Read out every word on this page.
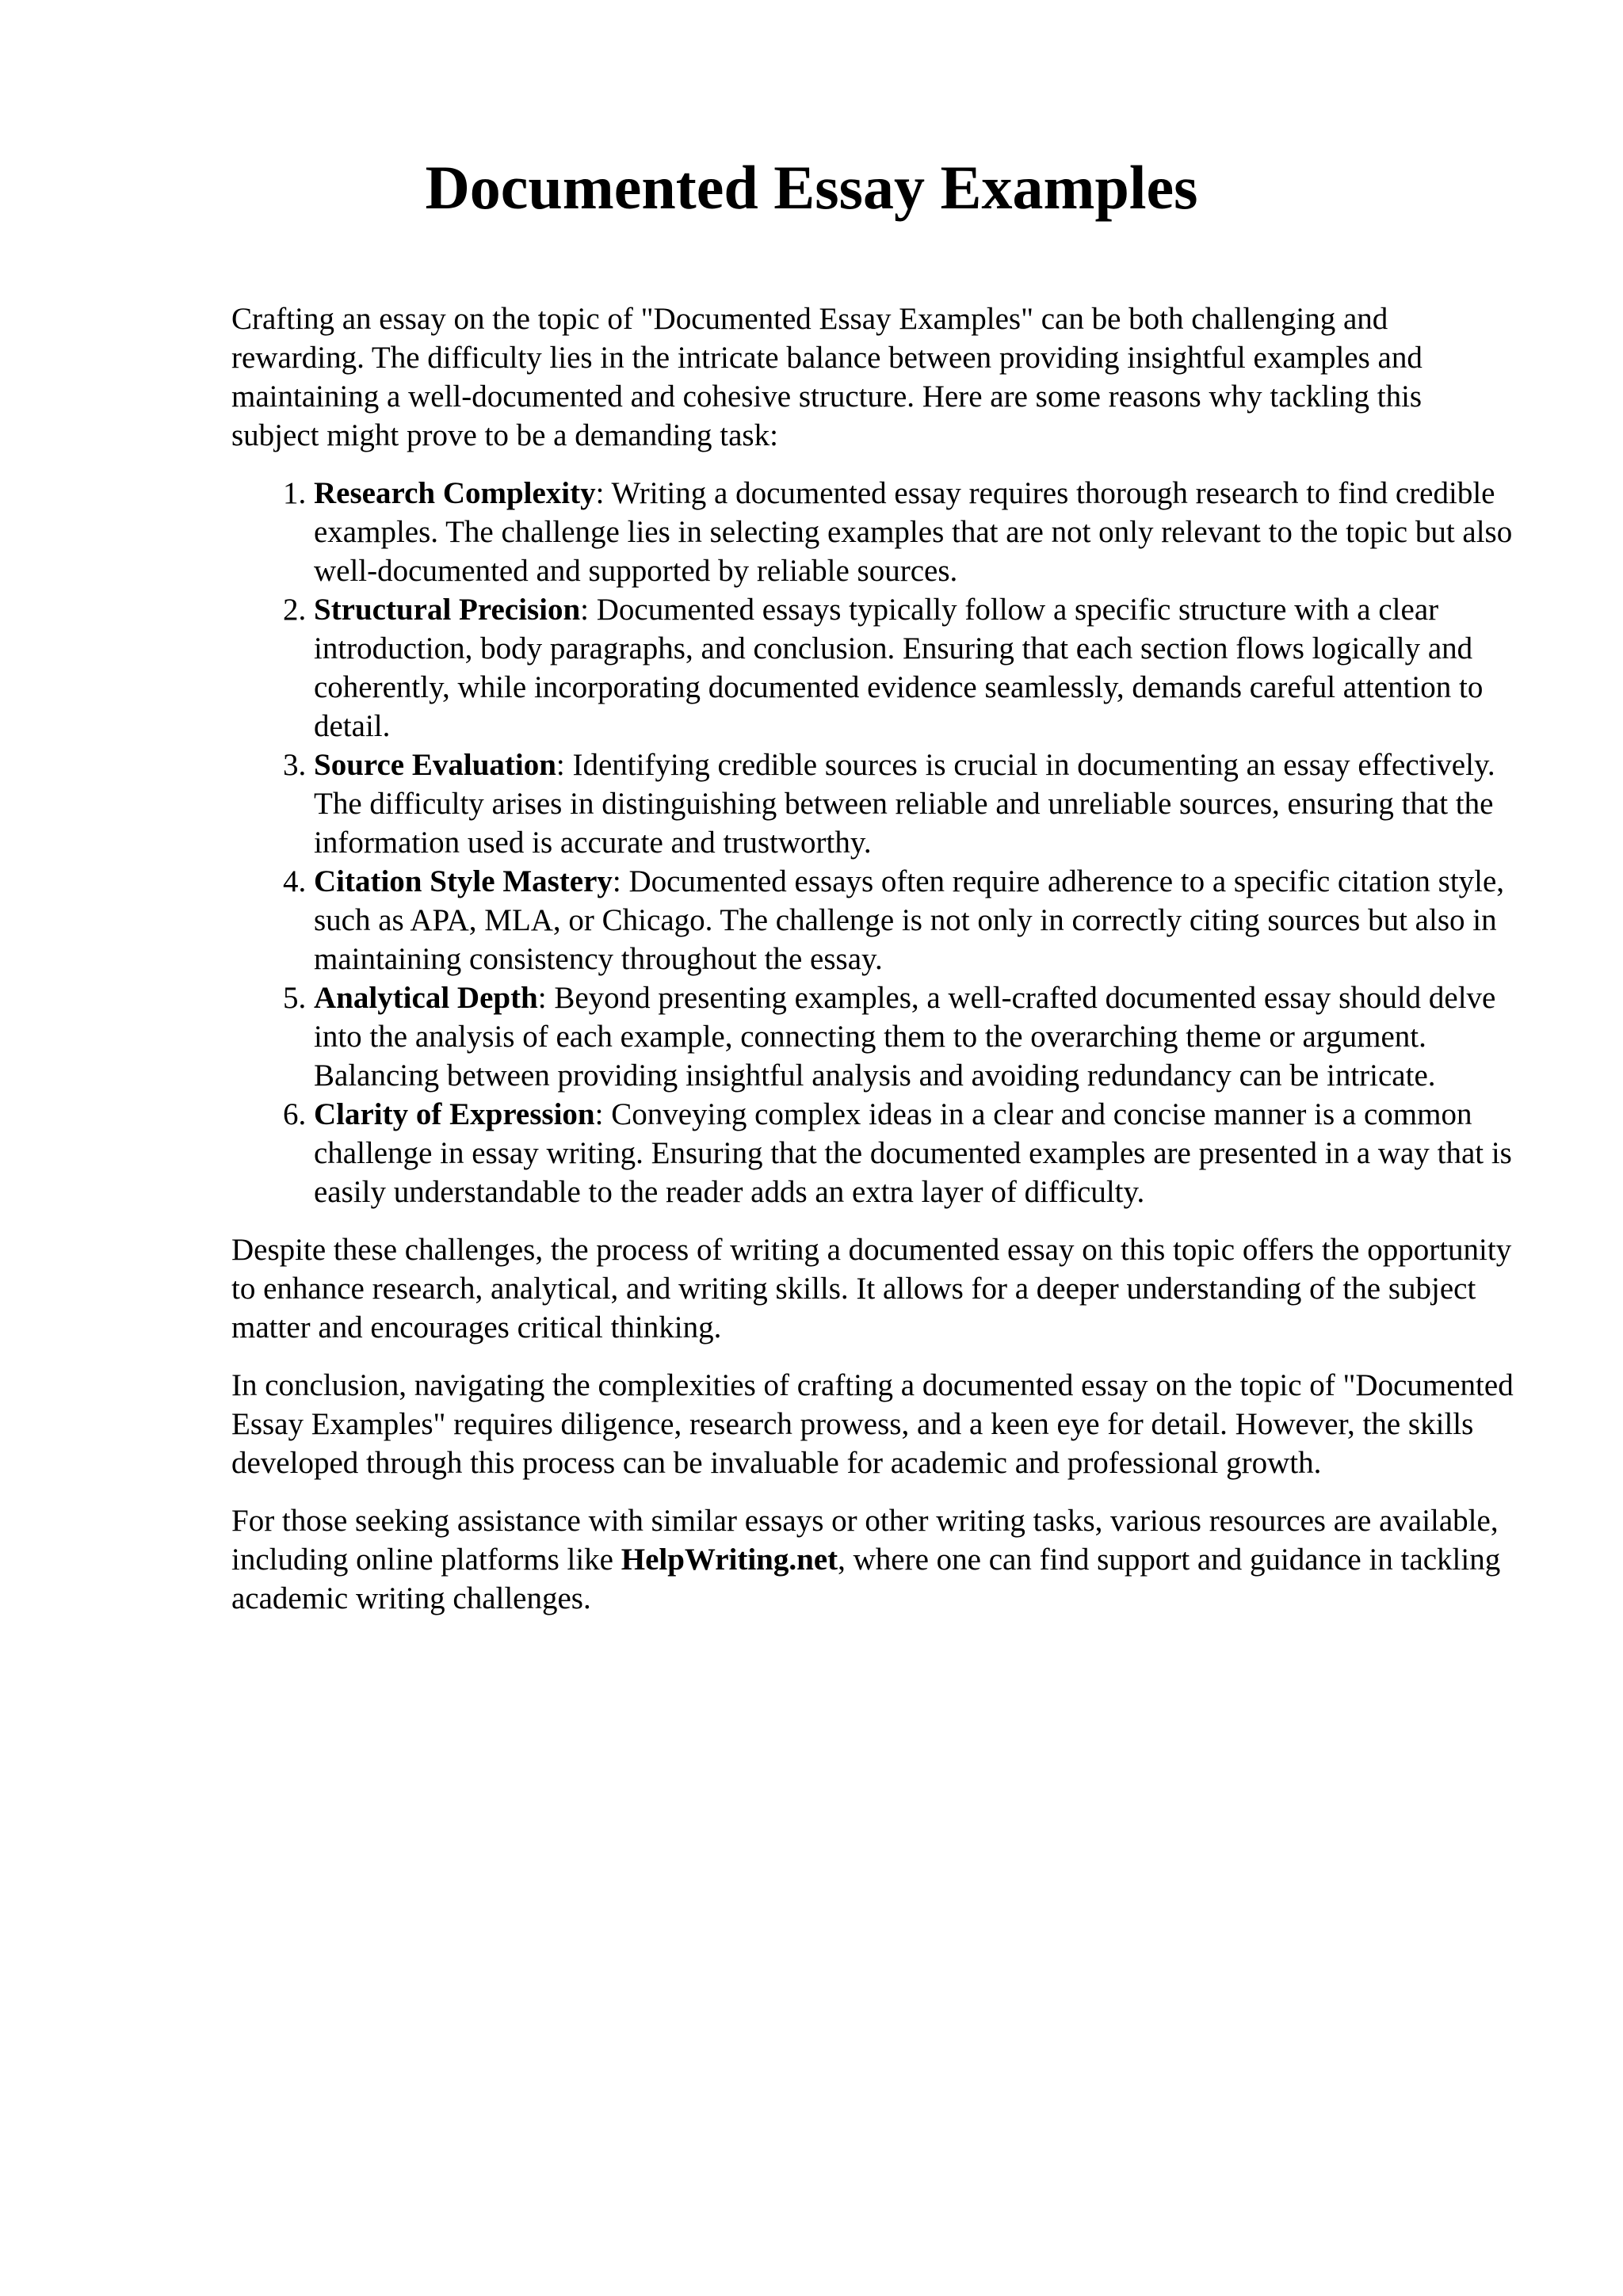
Documented Essay Examples

Crafting an essay on the topic of "Documented Essay Examples" can be both challenging and rewarding. The difficulty lies in the intricate balance between providing insightful examples and maintaining a well-documented and cohesive structure. Here are some reasons why tackling this subject might prove to be a demanding task:

1. Research Complexity: Writing a documented essay requires thorough research to find credible examples. The challenge lies in selecting examples that are not only relevant to the topic but also well-documented and supported by reliable sources.
2. Structural Precision: Documented essays typically follow a specific structure with a clear introduction, body paragraphs, and conclusion. Ensuring that each section flows logically and coherently, while incorporating documented evidence seamlessly, demands careful attention to detail.
3. Source Evaluation: Identifying credible sources is crucial in documenting an essay effectively. The difficulty arises in distinguishing between reliable and unreliable sources, ensuring that the information used is accurate and trustworthy.
4. Citation Style Mastery: Documented essays often require adherence to a specific citation style, such as APA, MLA, or Chicago. The challenge is not only in correctly citing sources but also in maintaining consistency throughout the essay.
5. Analytical Depth: Beyond presenting examples, a well-crafted documented essay should delve into the analysis of each example, connecting them to the overarching theme or argument. Balancing between providing insightful analysis and avoiding redundancy can be intricate.
6. Clarity of Expression: Conveying complex ideas in a clear and concise manner is a common challenge in essay writing. Ensuring that the documented examples are presented in a way that is easily understandable to the reader adds an extra layer of difficulty.

Despite these challenges, the process of writing a documented essay on this topic offers the opportunity to enhance research, analytical, and writing skills. It allows for a deeper understanding of the subject matter and encourages critical thinking.

In conclusion, navigating the complexities of crafting a documented essay on the topic of "Documented Essay Examples" requires diligence, research prowess, and a keen eye for detail. However, the skills developed through this process can be invaluable for academic and professional growth.

For those seeking assistance with similar essays or other writing tasks, various resources are available, including online platforms like HelpWriting.net, where one can find support and guidance in tackling academic writing challenges.
